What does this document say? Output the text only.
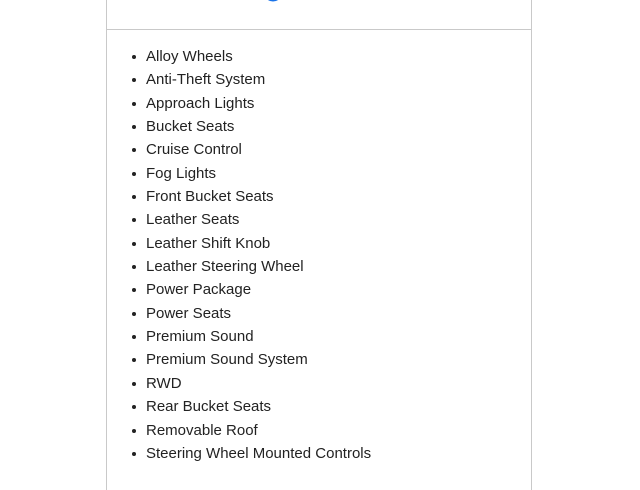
Alloy Wheels
Anti-Theft System
Approach Lights
Bucket Seats
Cruise Control
Fog Lights
Front Bucket Seats
Leather Seats
Leather Shift Knob
Leather Steering Wheel
Power Package
Power Seats
Premium Sound
Premium Sound System
RWD
Rear Bucket Seats
Removable Roof
Steering Wheel Mounted Controls
